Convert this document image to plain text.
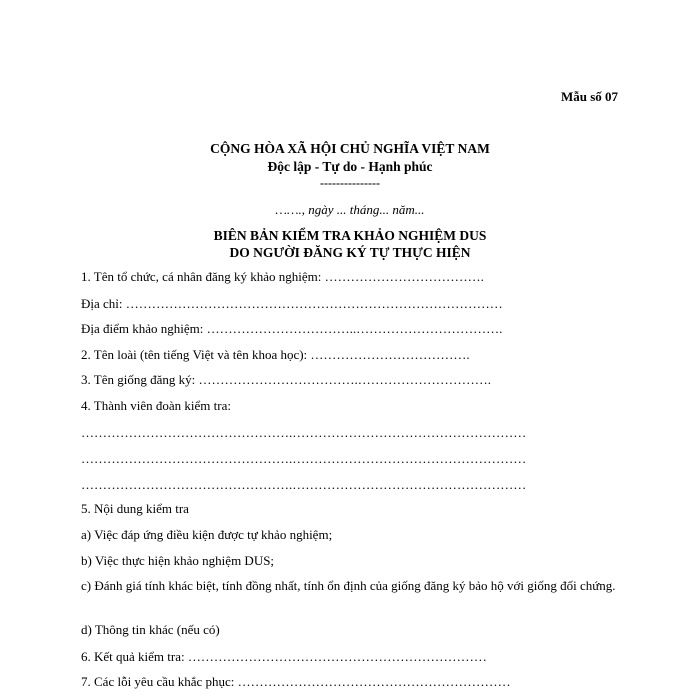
Mẫu số 07
CỘNG HÒA XÃ HỘI CHỦ NGHĨA VIỆT NAM
Độc lập - Tự do - Hạnh phúc
---------------
……., ngày ... tháng... năm...
BIÊN BẢN KIỂM TRA KHẢO NGHIỆM DUS
DO NGƯỜI ĐĂNG KÝ TỰ THỰC HIỆN
1. Tên tổ chức, cá nhân đăng ký khảo nghiệm: ……………………………….
Địa chỉ: ……………………………………………………………………………
Địa điểm khảo nghiệm: ……………………………..…………………………….
2. Tên loài (tên tiếng Việt và tên khoa học): ……………………………….
3. Tên giống đăng ký: ……………………………….………………………….
4. Thành viên đoàn kiểm tra:
………………………………………….………………………………………………
………………………………………….………………………………………………
………………………………………….………………………………………………
5. Nội dung kiểm tra
a) Việc đáp ứng điều kiện được tự khảo nghiệm;
b) Việc thực hiện khảo nghiệm DUS;
c) Đánh giá tính khác biệt, tính đồng nhất, tính ổn định của giống đăng ký bảo hộ với giống đối chứng.
d) Thông tin khác (nếu có)
6. Kết quả kiểm tra: ……………………………………………………………
7. Các lỗi yêu cầu khắc phục: ………………………………………………………
